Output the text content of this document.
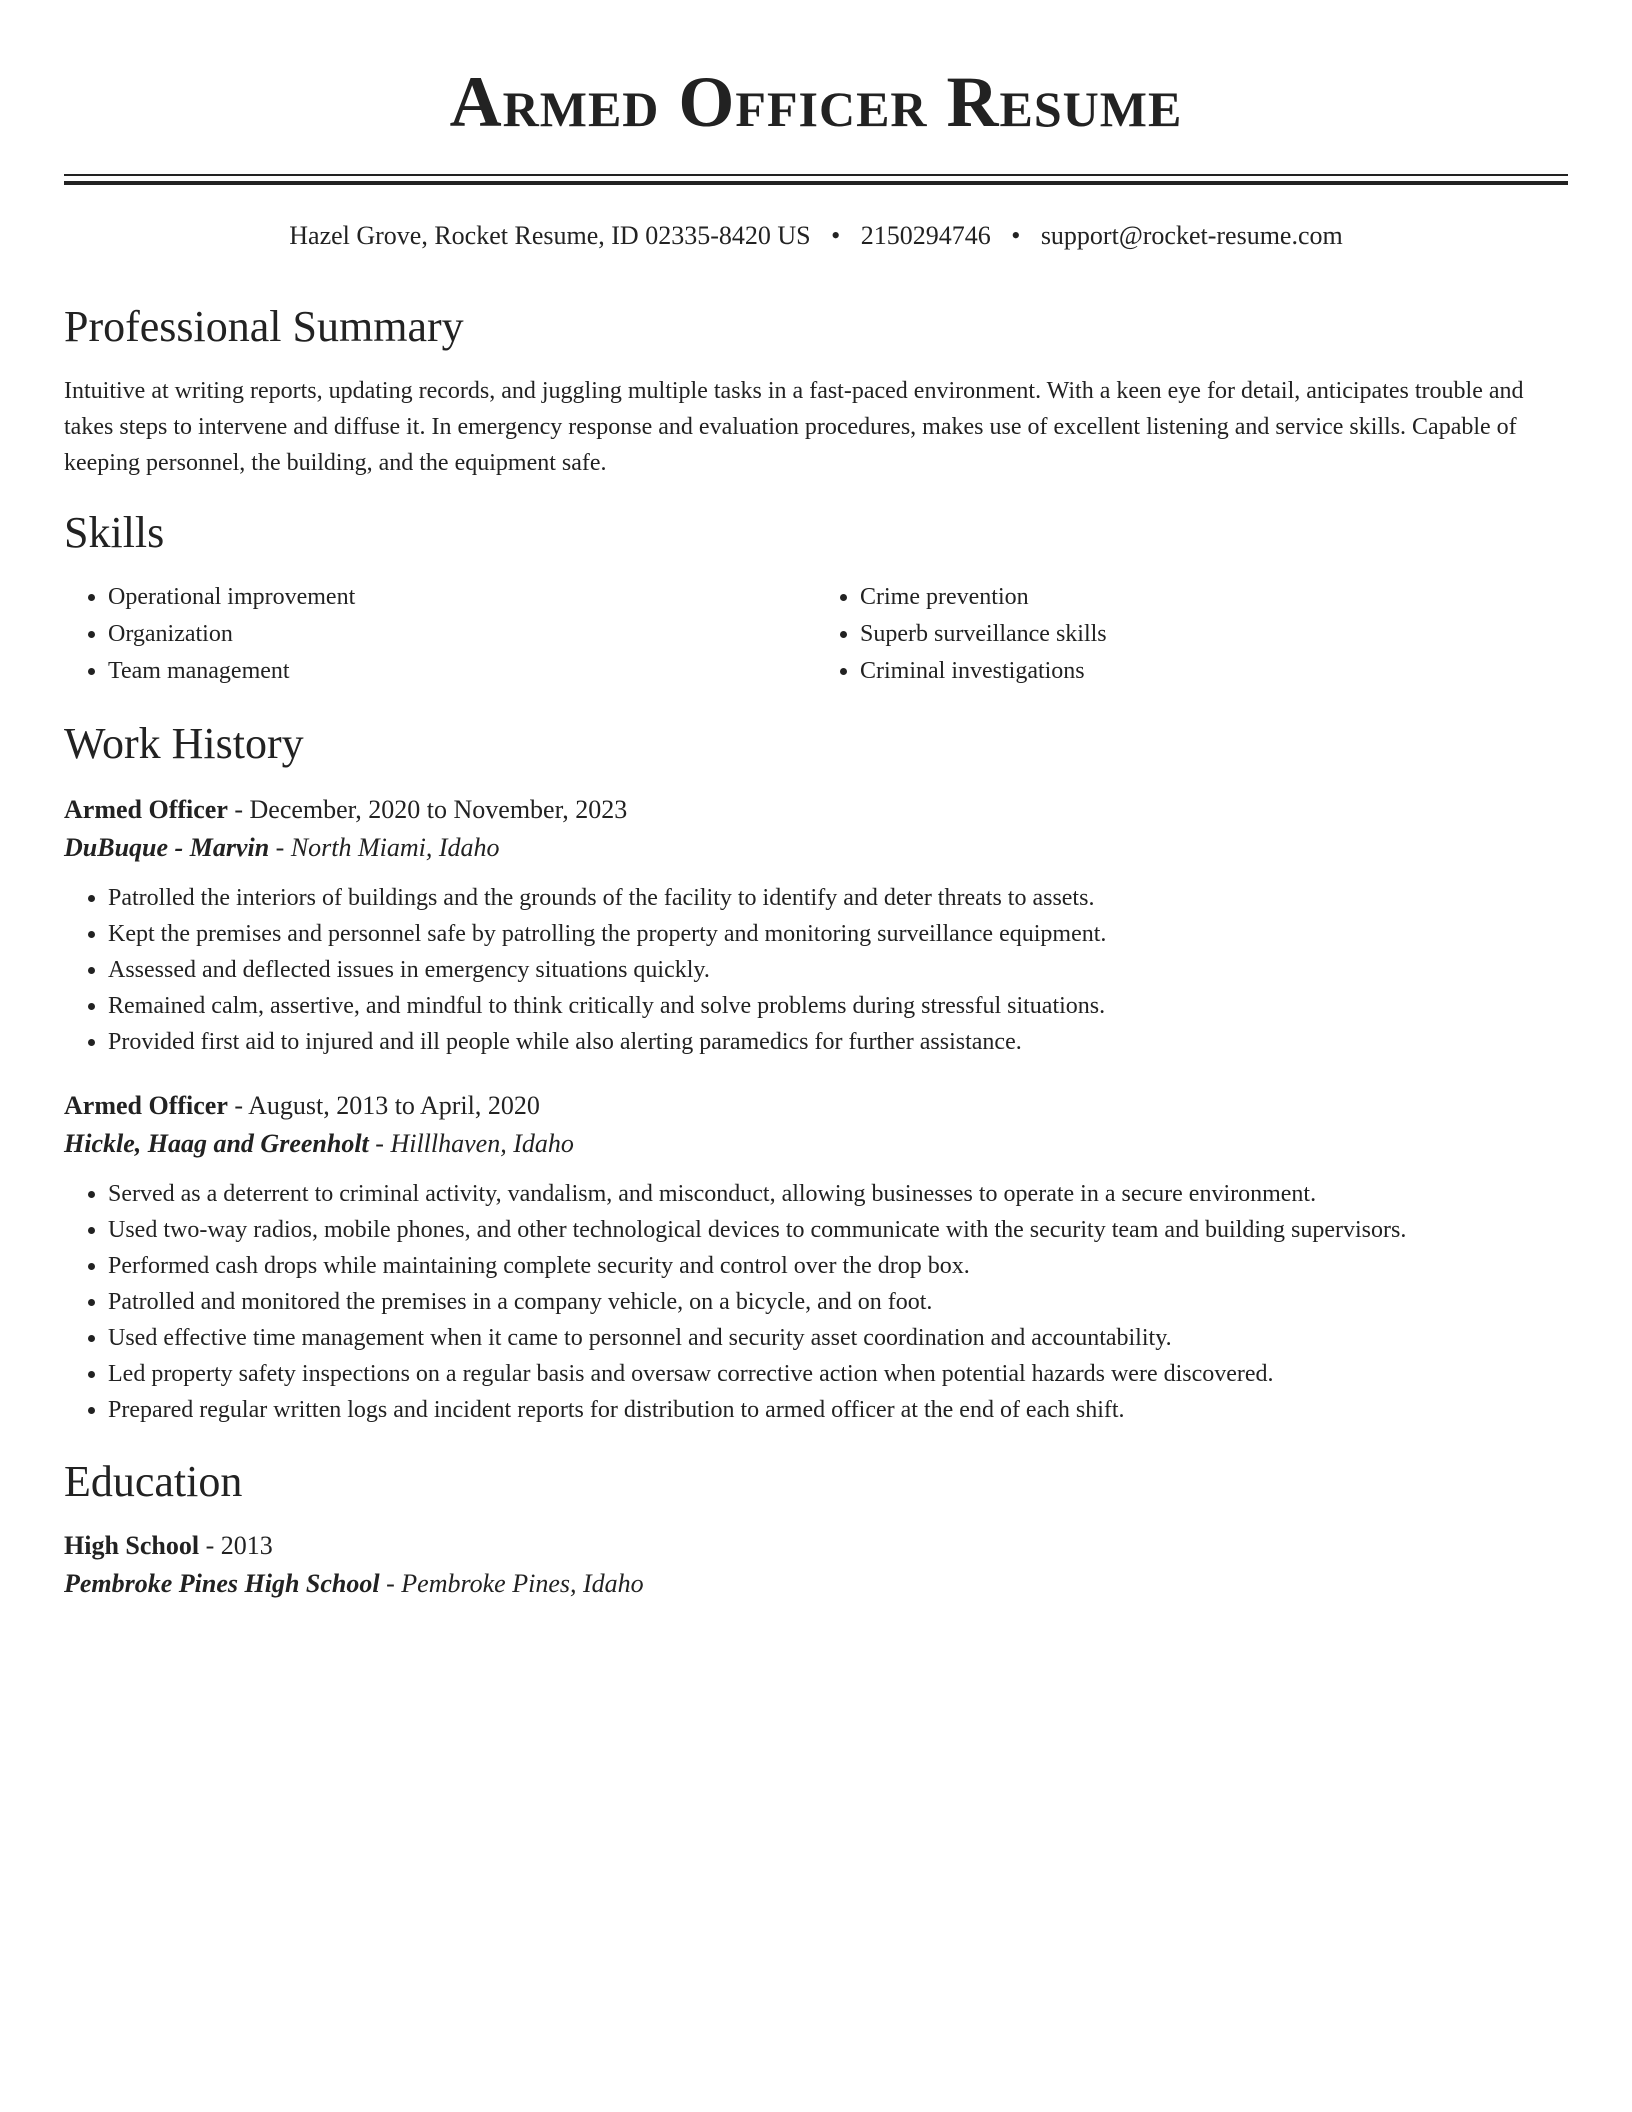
Armed Officer Resume
Hazel Grove, Rocket Resume, ID 02335-8420 US • 2150294746 • support@rocket-resume.com
Professional Summary

Intuitive at writing reports, updating records, and juggling multiple tasks in a fast-paced environment. With a keen eye for detail, anticipates trouble and takes steps to intervene and diffuse it. In emergency response and evaluation procedures, makes use of excellent listening and service skills. Capable of keeping personnel, the building, and the equipment safe.

Skills
• Operational improvement
• Organization
• Team management
• Crime prevention
• Superb surveillance skills
• Criminal investigations
Work History
Armed Officer - December, 2020 to November, 2023
DuBuque - Marvin - North Miami, Idaho
• Patrolled the interiors of buildings and the grounds of the facility to identify and deter threats to assets.
• Kept the premises and personnel safe by patrolling the property and monitoring surveillance equipment.
• Assessed and deflected issues in emergency situations quickly.
• Remained calm, assertive, and mindful to think critically and solve problems during stressful situations.
• Provided first aid to injured and ill people while also alerting paramedics for further assistance.
Armed Officer - August, 2013 to April, 2020
Hickle, Haag and Greenholt - Hilllhaven, Idaho
• Served as a deterrent to criminal activity, vandalism, and misconduct, allowing businesses to operate in a secure environment.
• Used two-way radios, mobile phones, and other technological devices to communicate with the security team and building supervisors.
• Performed cash drops while maintaining complete security and control over the drop box.
• Patrolled and monitored the premises in a company vehicle, on a bicycle, and on foot.
• Used effective time management when it came to personnel and security asset coordination and accountability.
• Led property safety inspections on a regular basis and oversaw corrective action when potential hazards were discovered.
• Prepared regular written logs and incident reports for distribution to armed officer at the end of each shift.
Education
High School - 2013
Pembroke Pines High School - Pembroke Pines, Idaho
